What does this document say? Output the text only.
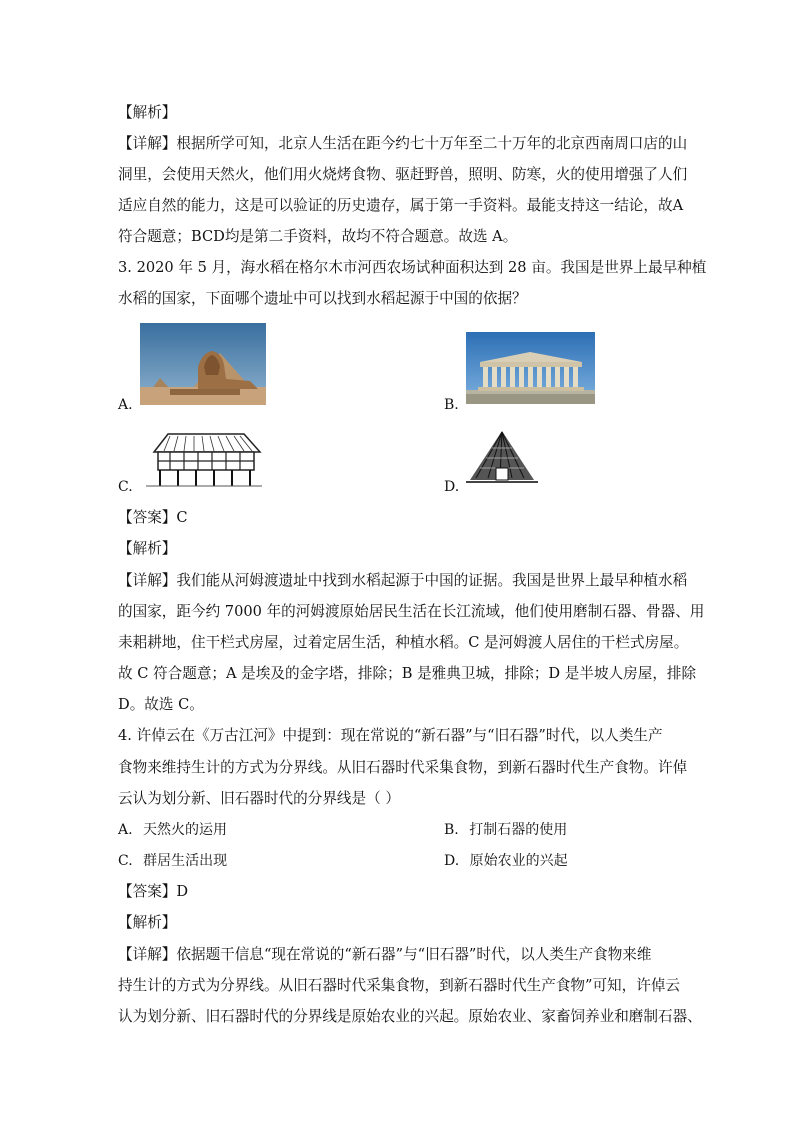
【解析】
【详解】根据所学可知，北京人生活在距今约七十万年至二十万年的北京西南周口店的山
洞里，会使用天然火，他们用火烧烤食物、驱赶野兽，照明、防寒，火的使用增强了人们
适应自然的能力，这是可以验证的历史遗存，属于第一手资料。最能支持这一结论，故A
符合题意；BCD均是第二手资料，故均不符合题意。故选 A。
3. 2020 年 5 月，海水稻在格尔木市河西农场试种面积达到 28 亩。我国是世界上最早种植
水稻的国家，下面哪个遗址中可以找到水稻起源于中国的依据？
A.	B.
C.	D.
【答案】C
【解析】
【详解】我们能从河姆渡遗址中找到水稻起源于中国的证据。我国是世界上最早种植水稻
的国家，距今约 7000 年的河姆渡原始居民生活在长江流域，他们使用磨制石器、骨器、用
耒耜耕地，住干栏式房屋，过着定居生活，种植水稻。C 是河姆渡人居住的干栏式房屋。
故 C 符合题意；A 是埃及的金字塔，排除；B 是雅典卫城，排除；D 是半坡人房屋，排除
D。故选 C。
4. 许倬云在《万古江河》中提到：现在常说的“新石器”与“旧石器”时代，以人类生产
食物来维持生计的方式为分界线。从旧石器时代采集食物，到新石器时代生产食物。许倬
云认为划分新、旧石器时代的分界线是（ ）
A. 天然火的运用	B. 打制石器的使用
C. 群居生活出现	D. 原始农业的兴起
【答案】D
【解析】
【详解】依据题干信息“现在常说的“新石器”与“旧石器”时代，以人类生产食物来维
持生计的方式为分界线。从旧石器时代采集食物，到新石器时代生产食物”可知，许倬云
认为划分新、旧石器时代的分界线是原始农业的兴起。原始农业、家畜饲养业和磨制石器、
